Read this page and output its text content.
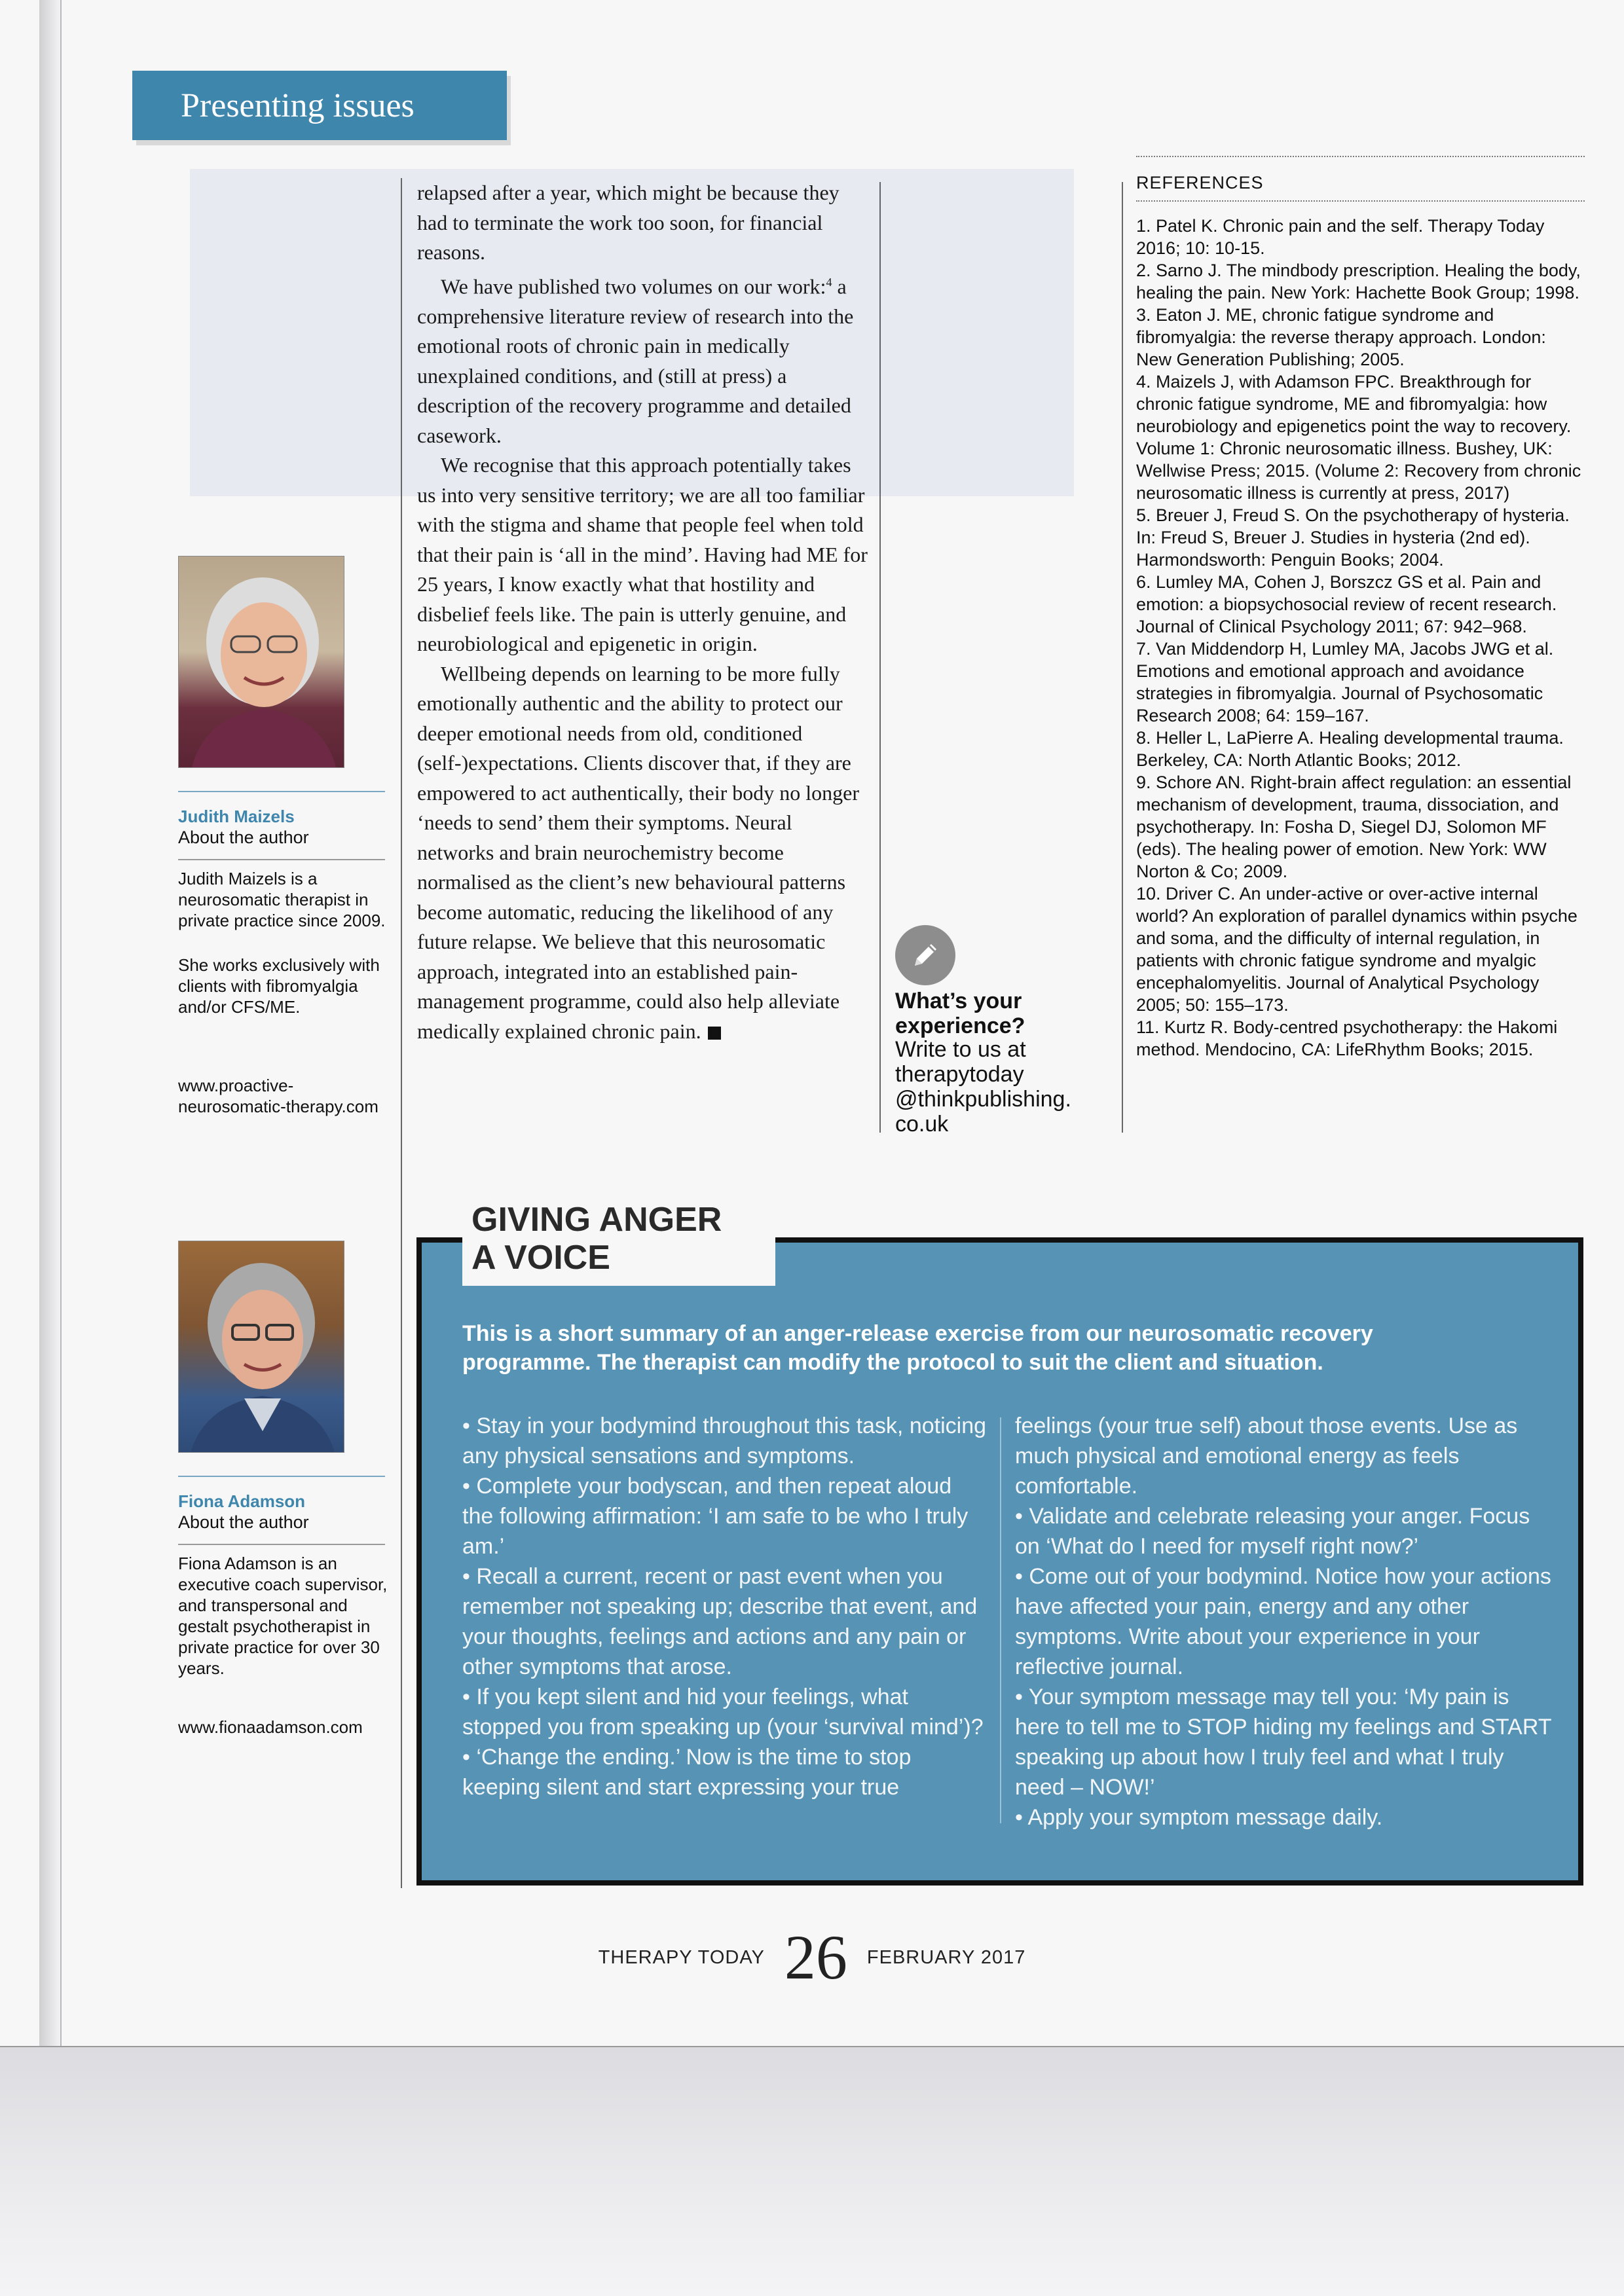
Presenting issues
Judith Maizels
About the author

Judith Maizels is a neurosomatic therapist in private practice since 2009.

She works exclusively with clients with fibromyalgia and/or CFS/ME.

www.proactive-neurosomatic-therapy.com
Fiona Adamson
About the author

Fiona Adamson is an executive coach supervisor, and transpersonal and gestalt psychotherapist in private practice for over 30 years.

www.fionaadamson.com

relapsed after a year, which might be because they had to terminate the work too soon, for financial reasons.

We have published two volumes on our work:$^4$ a comprehensive literature review of research into the emotional roots of chronic pain in medically unexplained conditions, and (still at press) a description of the recovery programme and detailed casework.

We recognise that this approach potentially takes us into very sensitive territory; we are all too familiar with the stigma and shame that people feel when told that their pain is ‘all in the mind’. Having had ME for 25 years, I know exactly what that hostility and disbelief feels like. The pain is utterly genuine, and neurobiological and epigenetic in origin.

Wellbeing depends on learning to be more fully emotionally authentic and the ability to protect our deeper emotional needs from old, conditioned (self-)expectations. Clients discover that, if they are empowered to act authentically, their body no longer ‘needs to send’ them their symptoms. Neural networks and brain neurochemistry become normalised as the client’s new behavioural patterns become automatic, reducing the likelihood of any future relapse. We believe that this neurosomatic approach, integrated into an established pain-management programme, could also help alleviate medically explained chronic pain.

What’s your experience?
Write to us at therapytoday @thinkpublishing. co.uk
REFERENCES
1. Patel K. Chronic pain and the self. Therapy Today 2016; 10: 10-15.
2. Sarno J. The mindbody prescription. Healing the body, healing the pain. New York: Hachette Book Group; 1998.
3. Eaton J. ME, chronic fatigue syndrome and fibromyalgia: the reverse therapy approach. London: New Generation Publishing; 2005.
4. Maizels J, with Adamson FPC. Breakthrough for chronic fatigue syndrome, ME and fibromyalgia: how neurobiology and epigenetics point the way to recovery. Volume 1: Chronic neurosomatic illness. Bushey, UK: Wellwise Press; 2015. (Volume 2: Recovery from chronic neurosomatic illness is currently at press, 2017)
5. Breuer J, Freud S. On the psychotherapy of hysteria. In: Freud S, Breuer J. Studies in hysteria (2nd ed). Harmondsworth: Penguin Books; 2004.
6. Lumley MA, Cohen J, Borszcz GS et al. Pain and emotion: a biopsychosocial review of recent research. Journal of Clinical Psychology 2011; 67: 942–968.
7. Van Middendorp H, Lumley MA, Jacobs JWG et al. Emotions and emotional approach and avoidance strategies in fibromyalgia. Journal of Psychosomatic Research 2008; 64: 159–167.
8. Heller L, LaPierre A. Healing developmental trauma. Berkeley, CA: North Atlantic Books; 2012.
9. Schore AN. Right-brain affect regulation: an essential mechanism of development, trauma, dissociation, and psychotherapy. In: Fosha D, Siegel DJ, Solomon MF (eds). The healing power of emotion. New York: WW Norton & Co; 2009.
10. Driver C. An under-active or over-active internal world? An exploration of parallel dynamics within psyche and soma, and the difficulty of internal regulation, in patients with chronic fatigue syndrome and myalgic encephalomyelitis. Journal of Analytical Psychology 2005; 50: 155–173.
11. Kurtz R. Body-centred psychotherapy: the Hakomi method. Mendocino, CA: LifeRhythm Books; 2015.
GIVING ANGER
A VOICE
This is a short summary of an anger-release exercise from our neurosomatic recovery programme. The therapist can modify the protocol to suit the client and situation.

• Stay in your bodymind throughout this task, noticing any physical sensations and symptoms.

• Complete your bodyscan, and then repeat aloud the following affirmation: ‘I am safe to be who I truly am.’

• Recall a current, recent or past event when you remember not speaking up; describe that event, and your thoughts, feelings and actions and any pain or other symptoms that arose.

• If you kept silent and hid your feelings, what stopped you from speaking up (your ‘survival mind’)?

• ‘Change the ending.’ Now is the time to stop keeping silent and start expressing your true

feelings (your true self) about those events. Use as much physical and emotional energy as feels comfortable.

• Validate and celebrate releasing your anger. Focus on ‘What do I need for myself right now?’

• Come out of your bodymind. Notice how your actions have affected your pain, energy and any other symptoms. Write about your experience in your reflective journal.

• Your symptom message may tell you: ‘My pain is here to tell me to STOP hiding my feelings and START speaking up about how I truly feel and what I truly need – NOW!’

• Apply your symptom message daily.

THERAPY TODAY 26 FEBRUARY 2017
